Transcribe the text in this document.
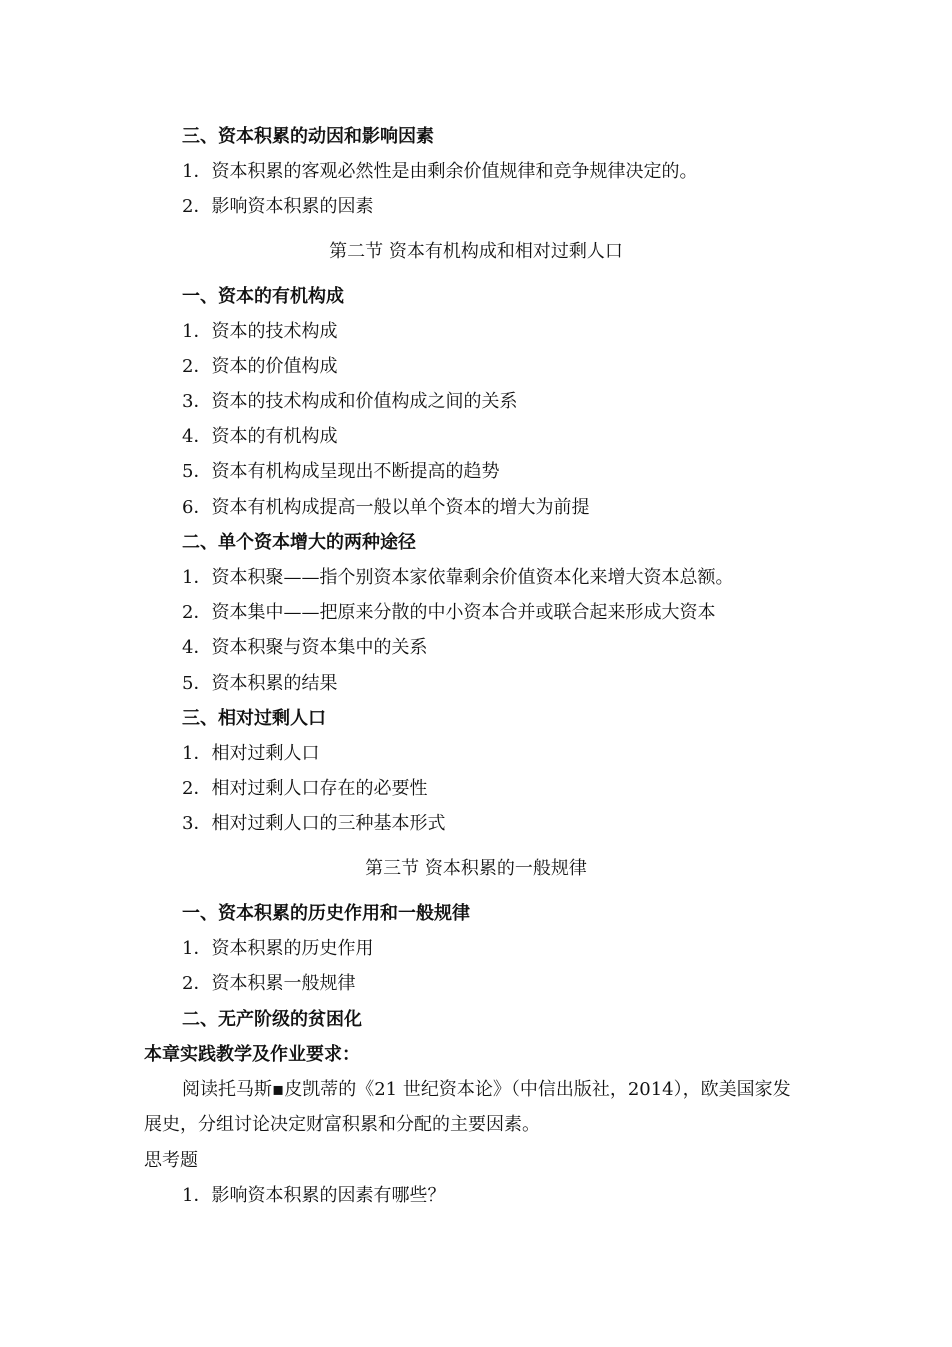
三、资本积累的动因和影响因素
1．资本积累的客观必然性是由剩余价值规律和竞争规律决定的。
2．影响资本积累的因素
第二节 资本有机构成和相对过剩人口
一、资本的有机构成
1．资本的技术构成
2．资本的价值构成
3．资本的技术构成和价值构成之间的关系
4．资本的有机构成
5．资本有机构成呈现出不断提高的趋势
6．资本有机构成提高一般以单个资本的增大为前提
二、单个资本增大的两种途径
1．资本积聚——指个别资本家依靠剩余价值资本化来增大资本总额。
2．资本集中——把原来分散的中小资本合并或联合起来形成大资本
4．资本积聚与资本集中的关系
5．资本积累的结果
三、相对过剩人口
1．相对过剩人口
2．相对过剩人口存在的必要性
3．相对过剩人口的三种基本形式
第三节 资本积累的一般规律
一、资本积累的历史作用和一般规律
1．资本积累的历史作用
2．资本积累一般规律
二、无产阶级的贫困化
本章实践教学及作业要求：
阅读托马斯▪皮凯蒂的《21 世纪资本论》（中信出版社，2014），欧美国家发
展史，分组讨论决定财富积累和分配的主要因素。
思考题
1．影响资本积累的因素有哪些？
